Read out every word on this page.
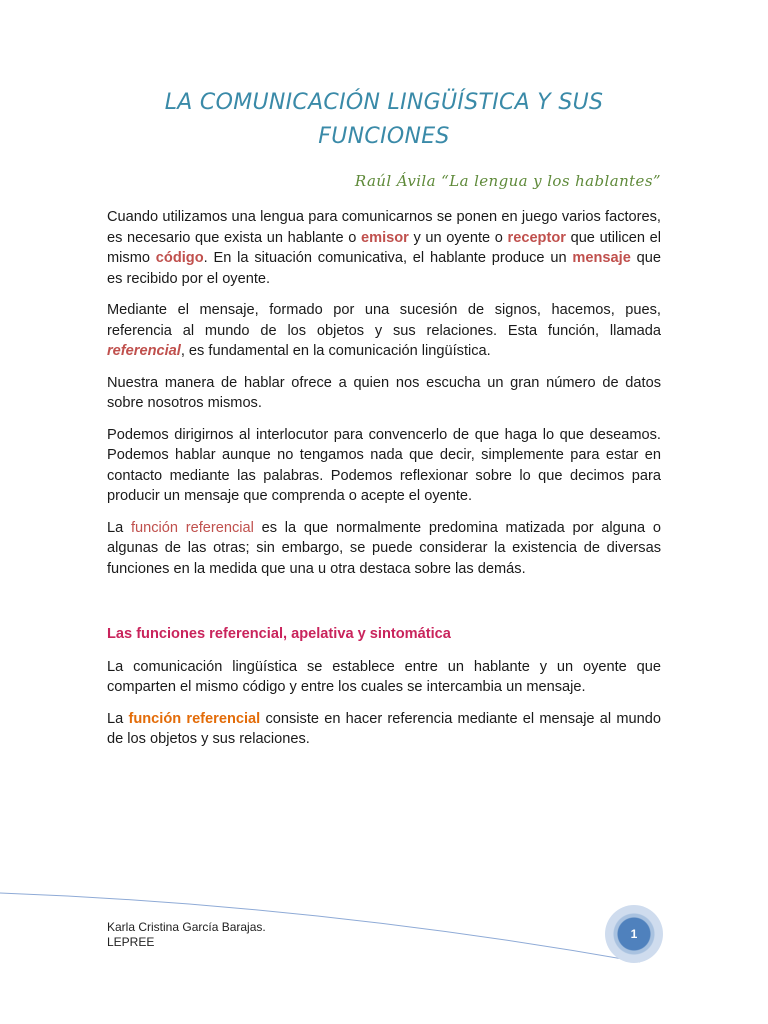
LA COMUNICACIÓN LINGÜÍSTICA Y SUS
FUNCIONES
Raúl Ávila “La lengua y los hablantes”

Cuando utilizamos una lengua para comunicarnos se ponen en juego varios factores, es necesario que exista un hablante o emisor y un oyente o receptor que utilicen el mismo código. En la situación comunicativa, el hablante produce un mensaje que es recibido por el oyente.

Mediante el mensaje, formado por una sucesión de signos, hacemos, pues, referencia al mundo de los objetos y sus relaciones. Esta función, llamada referencial, es fundamental en la comunicación lingüística.

Nuestra manera de hablar ofrece a quien nos escucha un gran número de datos sobre nosotros mismos.

Podemos dirigirnos al interlocutor para convencerlo de que haga lo que deseamos. Podemos hablar aunque no tengamos nada que decir, simplemente para estar en contacto mediante las palabras. Podemos reflexionar sobre lo que decimos para producir un mensaje que comprenda o acepte el oyente.

La función referencial es la que normalmente predomina matizada por alguna o algunas de las otras; sin embargo, se puede considerar la existencia de diversas funciones en la medida que una u otra destaca sobre las demás.

Las funciones referencial, apelativa y sintomática

La comunicación lingüística se establece entre un hablante y un oyente que comparten el mismo código y entre los cuales se intercambia un mensaje.

La función referencial consiste en hacer referencia mediante el mensaje al mundo de los objetos y sus relaciones.

Karla Cristina García Barajas.
LEPREE
1
